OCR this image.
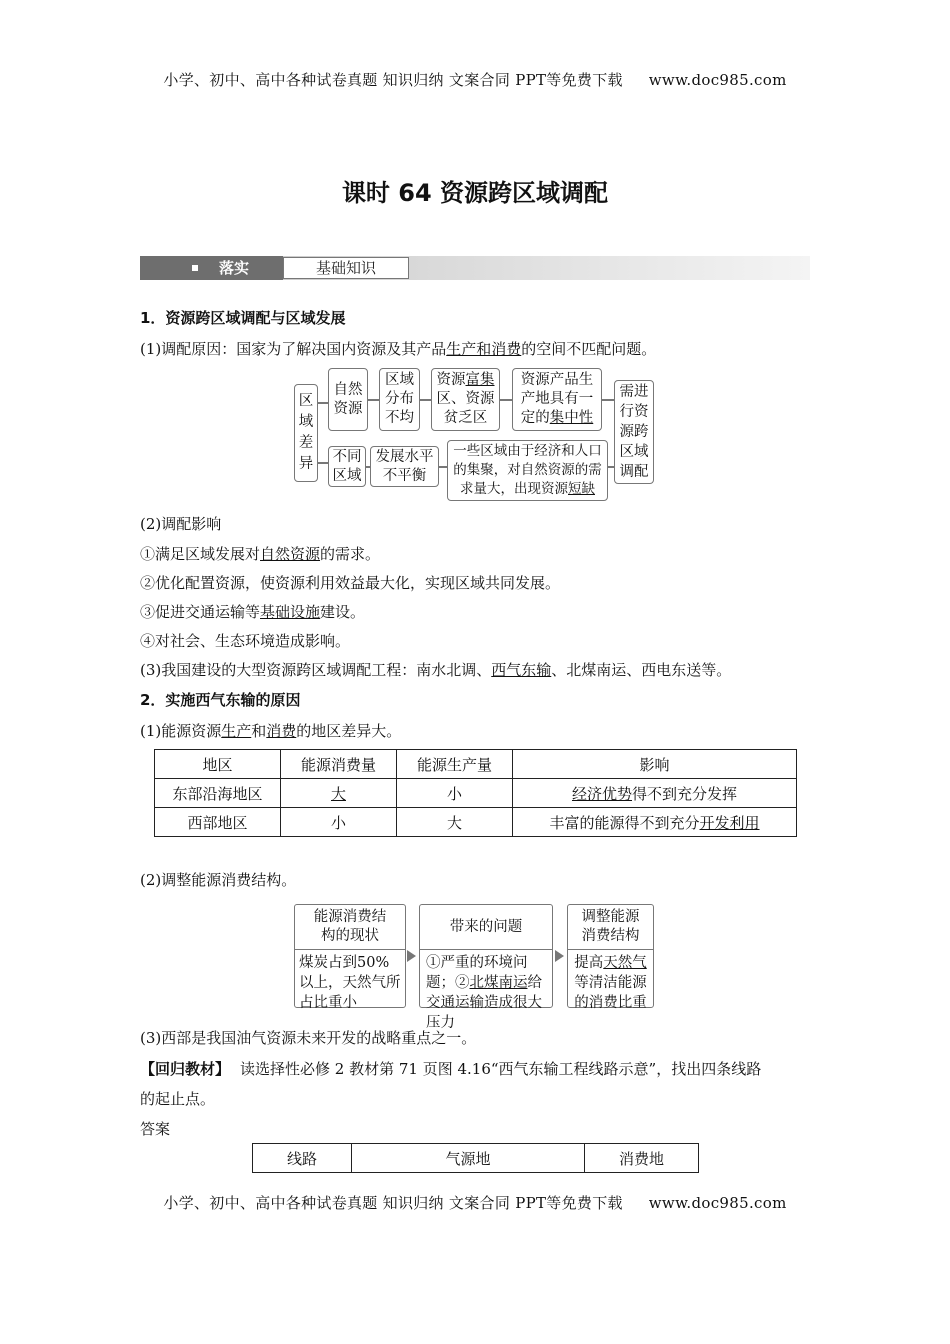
小学、初中、高中各种试卷真题 知识归纳 文案合同 PPT等免费下载 www.doc985.com
课时 64 资源跨区域调配
落实	基础知识
1．资源跨区域调配与区域发展
(1)调配原因：国家为了解决国内资源及其产品生产和消费的空间不匹配问题。
区域差异
自然资源
区域分布不均
资源富集区、资源贫乏区
资源产品生产地具有一定的集中性
需进行资源跨区域调配
不同区域
发展水平不平衡
一些区域由于经济和人口的集聚，对自然资源的需求量大，出现资源短缺
(2)调配影响
①满足区域发展对自然资源的需求。
②优化配置资源，使资源利用效益最大化，实现区域共同发展。
③促进交通运输等基础设施建设。
④对社会、生态环境造成影响。
(3)我国建设的大型资源跨区域调配工程：南水北调、西气东输、北煤南运、西电东送等。
2．实施西气东输的原因
(1)能源资源生产和消费的地区差异大。
地区	能源消费量	能源生产量	影响
东部沿海地区	大	小	经济优势得不到充分发挥
西部地区	小	大	丰富的能源得不到充分开发利用
(2)调整能源消费结构。
能源消费结构的现状
煤炭占到50%以上，天然气所占比重小
带来的问题
①严重的环境问题；②北煤南运给交通运输造成很大压力
调整能源消费结构
提高天然气等清洁能源的消费比重
(3)西部是我国油气资源未来开发的战略重点之一。
【回归教材】 读选择性必修 2 教材第 71 页图 4.16“西气东输工程线路示意”，找出四条线路
的起止点。
答案
线路	气源地	消费地
小学、初中、高中各种试卷真题 知识归纳 文案合同 PPT等免费下载 www.doc985.com
